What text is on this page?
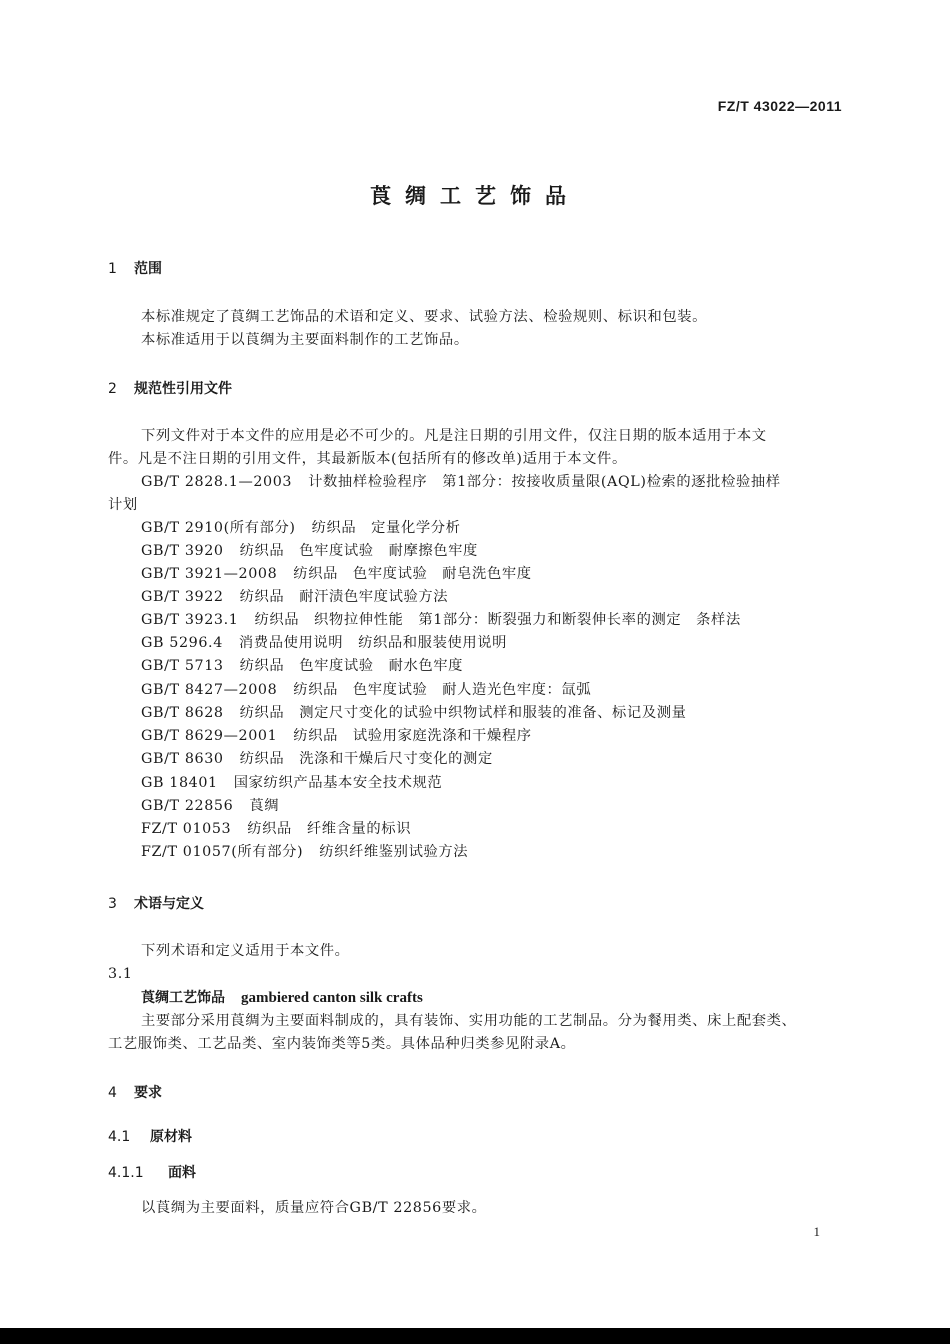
FZ/T 43022—2011
莨绸工艺饰品
1 范围
本标准规定了莨绸工艺饰品的术语和定义、要求、试验方法、检验规则、标识和包装。
本标准适用于以莨绸为主要面料制作的工艺饰品。
2 规范性引用文件
下列文件对于本文件的应用是必不可少的。凡是注日期的引用文件，仅注日期的版本适用于本文
件。凡是不注日期的引用文件，其最新版本(包括所有的修改单)适用于本文件。
GB/T 2828.1—2003 计数抽样检验程序　第1部分：按接收质量限(AQL)检索的逐批检验抽样
计划
GB/T 2910(所有部分) 纺织品　定量化学分析
GB/T 3920 纺织品　色牢度试验　耐摩擦色牢度
GB/T 3921—2008 纺织品　色牢度试验　耐皂洗色牢度
GB/T 3922 纺织品　耐汗渍色牢度试验方法
GB/T 3923.1 纺织品　织物拉伸性能　第1部分：断裂强力和断裂伸长率的测定　条样法
GB 5296.4 消费品使用说明　纺织品和服装使用说明
GB/T 5713 纺织品　色牢度试验　耐水色牢度
GB/T 8427—2008 纺织品　色牢度试验　耐人造光色牢度：氙弧
GB/T 8628 纺织品　测定尺寸变化的试验中织物试样和服装的准备、标记及测量
GB/T 8629—2001 纺织品　试验用家庭洗涤和干燥程序
GB/T 8630 纺织品　洗涤和干燥后尺寸变化的测定
GB 18401 国家纺织产品基本安全技术规范
GB/T 22856 莨绸
FZ/T 01053 纺织品　纤维含量的标识
FZ/T 01057(所有部分) 纺织纤维鉴别试验方法
3 术语与定义
下列术语和定义适用于本文件。
3.1
莨绸工艺饰品 gambiered canton silk crafts
主要部分采用莨绸为主要面料制成的，具有装饰、实用功能的工艺制品。分为餐用类、床上配套类、
工艺服饰类、工艺品类、室内装饰类等5类。具体品种归类参见附录A。
4 要求
4.1 原材料
4.1.1 面料
以莨绸为主要面料，质量应符合GB/T 22856要求。
1
